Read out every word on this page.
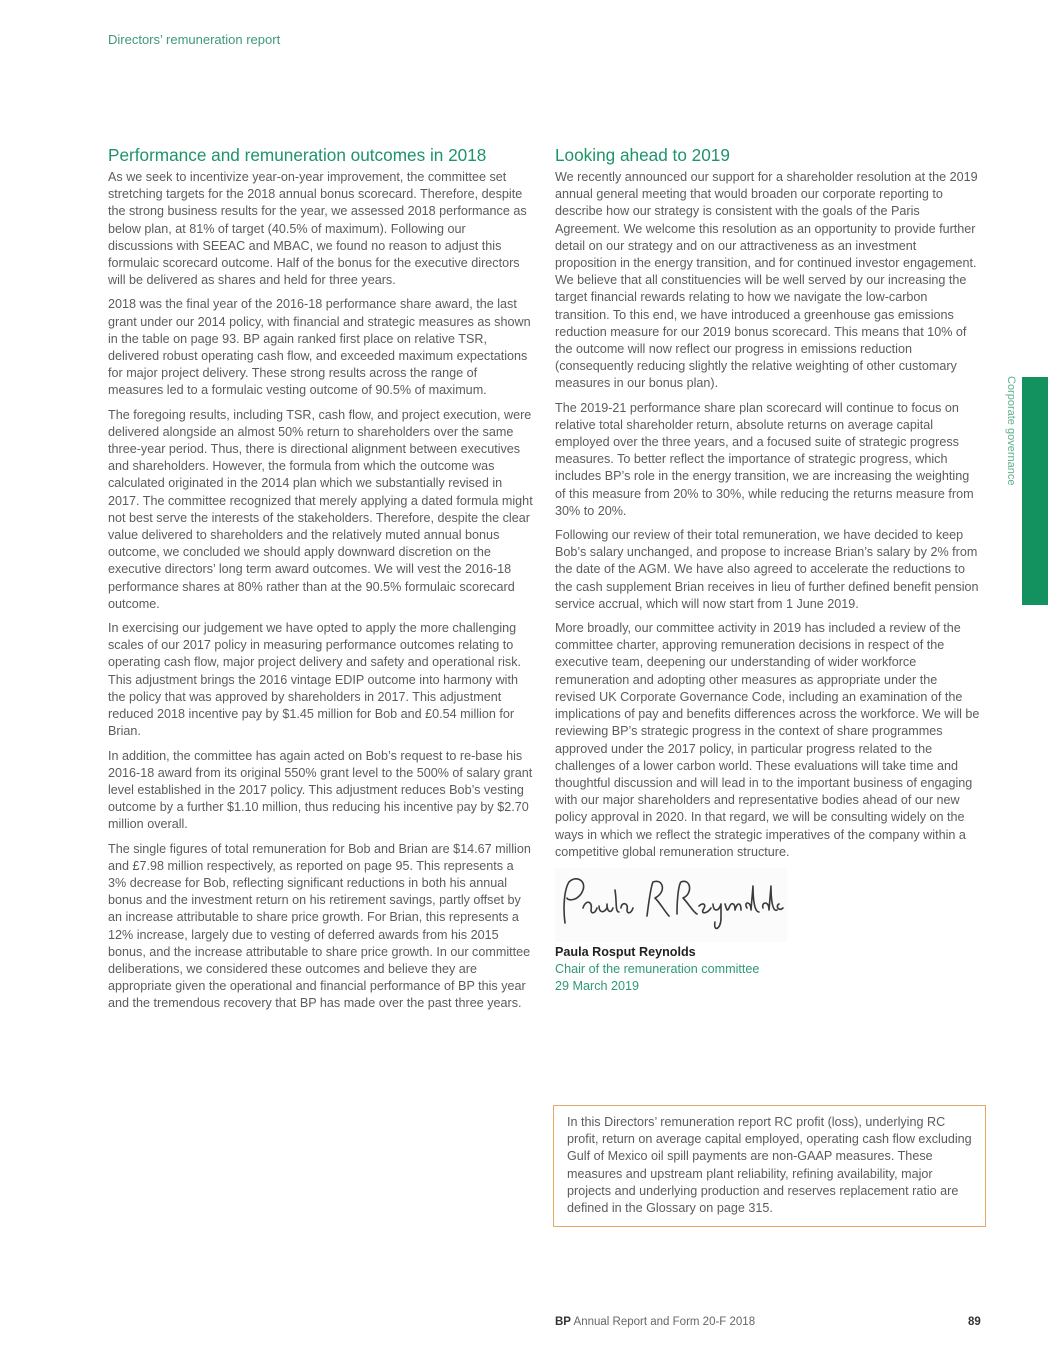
Directors’ remuneration report
Performance and remuneration outcomes in 2018

As we seek to incentivize year-on-year improvement, the committee set stretching targets for the 2018 annual bonus scorecard. Therefore, despite the strong business results for the year, we assessed 2018 performance as below plan, at 81% of target (40.5% of maximum). Following our discussions with SEEAC and MBAC, we found no reason to adjust this formulaic scorecard outcome. Half of the bonus for the executive directors will be delivered as shares and held for three years.

2018 was the final year of the 2016-18 performance share award, the last grant under our 2014 policy, with financial and strategic measures as shown in the table on page 93. BP again ranked first place on relative TSR, delivered robust operating cash flow, and exceeded maximum expectations for major project delivery. These strong results across the range of measures led to a formulaic vesting outcome of 90.5% of maximum.

The foregoing results, including TSR, cash flow, and project execution, were delivered alongside an almost 50% return to shareholders over the same three-year period. Thus, there is directional alignment between executives and shareholders. However, the formula from which the outcome was calculated originated in the 2014 plan which we substantially revised in 2017. The committee recognized that merely applying a dated formula might not best serve the interests of the stakeholders. Therefore, despite the clear value delivered to shareholders and the relatively muted annual bonus outcome, we concluded we should apply downward discretion on the executive directors’ long term award outcomes. We will vest the 2016-18 performance shares at 80% rather than at the 90.5% formulaic scorecard outcome.

In exercising our judgement we have opted to apply the more challenging scales of our 2017 policy in measuring performance outcomes relating to operating cash flow, major project delivery and safety and operational risk. This adjustment brings the 2016 vintage EDIP outcome into harmony with the policy that was approved by shareholders in 2017. This adjustment reduced 2018 incentive pay by $1.45 million for Bob and £0.54 million for Brian.

In addition, the committee has again acted on Bob’s request to re-base his 2016-18 award from its original 550% grant level to the 500% of salary grant level established in the 2017 policy. This adjustment reduces Bob’s vesting outcome by a further $1.10 million, thus reducing his incentive pay by $2.70 million overall.

The single figures of total remuneration for Bob and Brian are $14.67 million and £7.98 million respectively, as reported on page 95. This represents a 3% decrease for Bob, reflecting significant reductions in both his annual bonus and the investment return on his retirement savings, partly offset by an increase attributable to share price growth. For Brian, this represents a 12% increase, largely due to vesting of deferred awards from his 2015 bonus, and the increase attributable to share price growth. In our committee deliberations, we considered these outcomes and believe they are appropriate given the operational and financial performance of BP this year and the tremendous recovery that BP has made over the past three years.

Looking ahead to 2019

We recently announced our support for a shareholder resolution at the 2019 annual general meeting that would broaden our corporate reporting to describe how our strategy is consistent with the goals of the Paris Agreement. We welcome this resolution as an opportunity to provide further detail on our strategy and on our attractiveness as an investment proposition in the energy transition, and for continued investor engagement. We believe that all constituencies will be well served by our increasing the target financial rewards relating to how we navigate the low-carbon transition. To this end, we have introduced a greenhouse gas emissions reduction measure for our 2019 bonus scorecard. This means that 10% of the outcome will now reflect our progress in emissions reduction (consequently reducing slightly the relative weighting of other customary measures in our bonus plan).

The 2019-21 performance share plan scorecard will continue to focus on relative total shareholder return, absolute returns on average capital employed over the three years, and a focused suite of strategic progress measures. To better reflect the importance of strategic progress, which includes BP’s role in the energy transition, we are increasing the weighting of this measure from 20% to 30%, while reducing the returns measure from 30% to 20%.

Following our review of their total remuneration, we have decided to keep Bob’s salary unchanged, and propose to increase Brian’s salary by 2% from the date of the AGM. We have also agreed to accelerate the reductions to the cash supplement Brian receives in lieu of further defined benefit pension service accrual, which will now start from 1 June 2019.

More broadly, our committee activity in 2019 has included a review of the committee charter, approving remuneration decisions in respect of the executive team, deepening our understanding of wider workforce remuneration and adopting other measures as appropriate under the revised UK Corporate Governance Code, including an examination of the implications of pay and benefits differences across the workforce. We will be reviewing BP’s strategic progress in the context of share programmes approved under the 2017 policy, in particular progress related to the challenges of a lower carbon world. These evaluations will take time and thoughtful discussion and will lead in to the important business of engaging with our major shareholders and representative bodies ahead of our new policy approval in 2020. In that regard, we will be consulting widely on the ways in which we reflect the strategic imperatives of the company within a competitive global remuneration structure.

Paula Rosput Reynolds
Chair of the remuneration committee
29 March 2019

In this Directors’ remuneration report RC profit (loss), underlying RC profit, return on average capital employed, operating cash flow excluding Gulf of Mexico oil spill payments are non-GAAP measures. These measures and upstream plant reliability, refining availability, major projects and underlying production and reserves replacement ratio are defined in the Glossary on page 315.

Corporate governance
BP Annual Report and Form 20-F 2018	89
